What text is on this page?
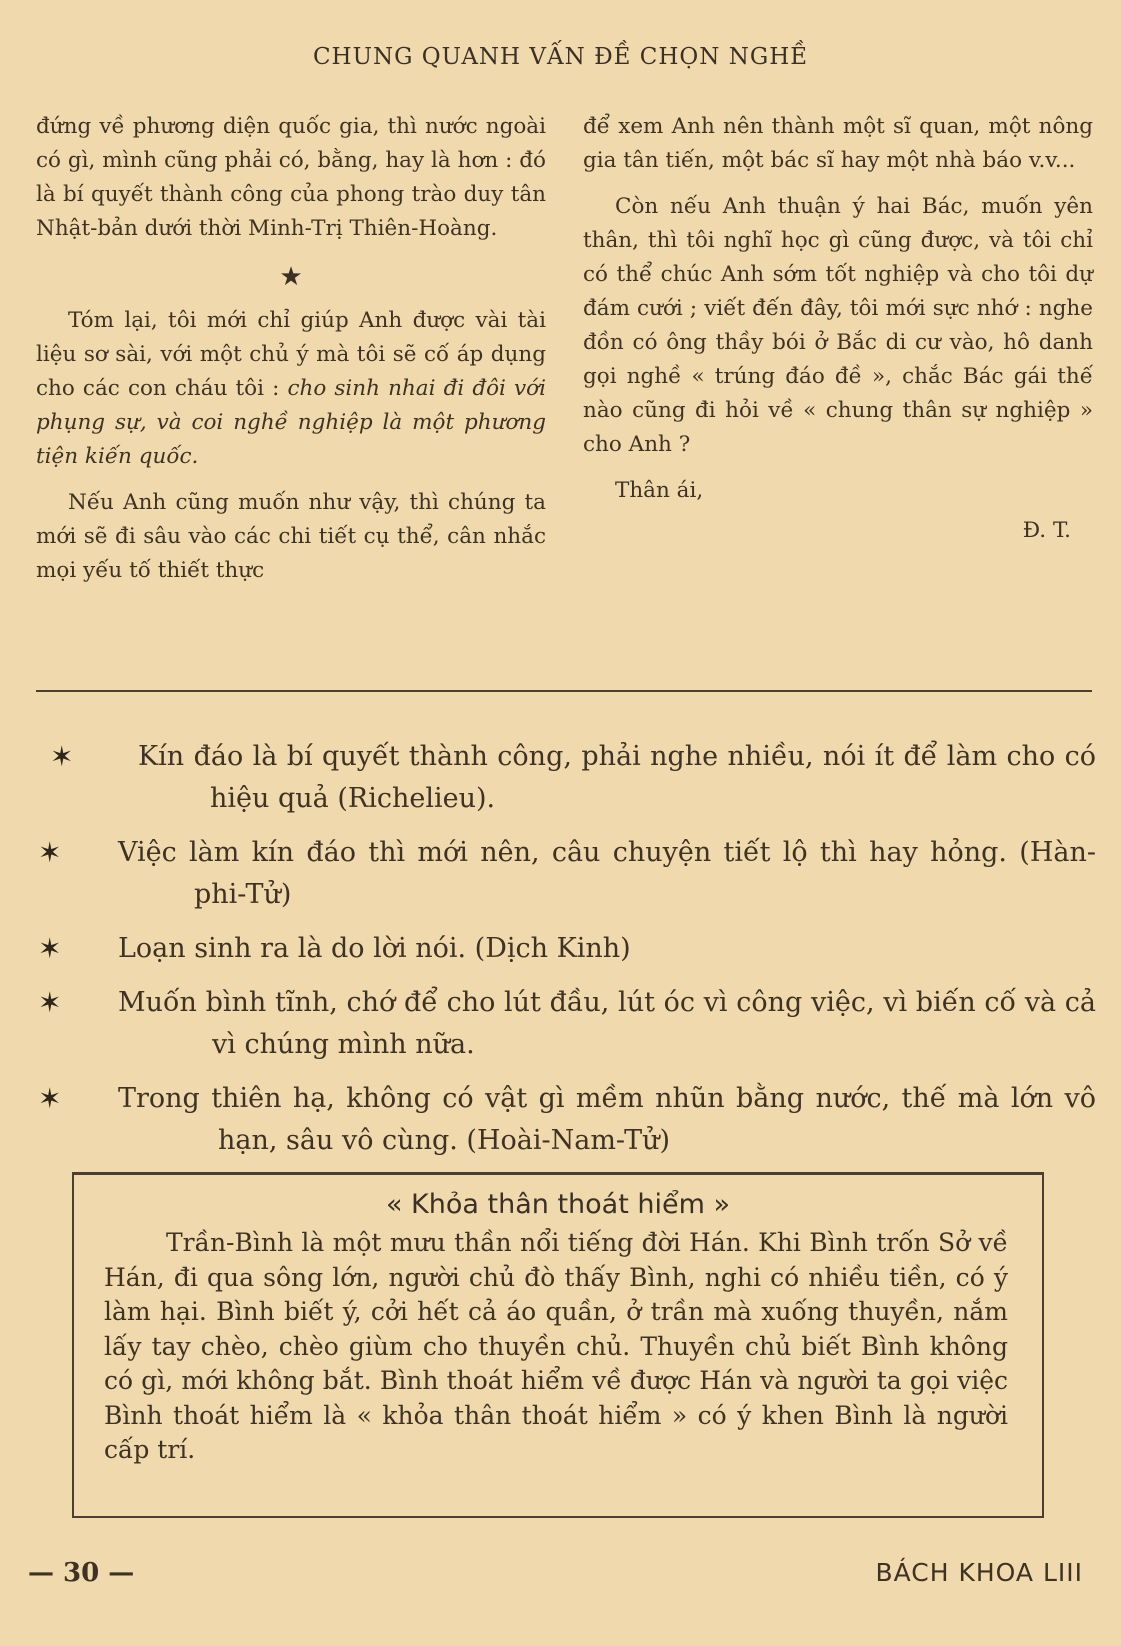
CHUNG QUANH VẤN ĐỀ CHỌN NGHỀ

đứng về phương diện quốc gia, thì nước ngoài có gì, mình cũng phải có, bằng, hay là hơn : đó là bí quyết thành công của phong trào duy tân Nhật-bản dưới thời Minh-Trị Thiên-Hoàng.

★

Tóm lại, tôi mới chỉ giúp Anh được vài tài liệu sơ sài, với một chủ ý mà tôi sẽ cố áp dụng cho các con cháu tôi : cho sinh nhai đi đôi với phụng sự, và coi nghề nghiệp là một phương tiện kiến quốc.

Nếu Anh cũng muốn như vậy, thì chúng ta mới sẽ đi sâu vào các chi tiết cụ thể, cân nhắc mọi yếu tố thiết thực

để xem Anh nên thành một sĩ quan, một nông gia tân tiến, một bác sĩ hay một nhà báo v.v...

Còn nếu Anh thuận ý hai Bác, muốn yên thân, thì tôi nghĩ học gì cũng được, và tôi chỉ có thể chúc Anh sớm tốt nghiệp và cho tôi dự đám cưới ; viết đến đây, tôi mới sực nhớ : nghe đồn có ông thầy bói ở Bắc di cư vào, hô danh gọi nghề « trúng đáo đề », chắc Bác gái thế nào cũng đi hỏi về « chung thân sự nghiệp » cho Anh ?

Thân ái,

Đ. T.

✶ Kín đáo là bí quyết thành công, phải nghe nhiều, nói ít để làm cho có hiệu quả (Richelieu).
✶ Việc làm kín đáo thì mới nên, câu chuyện tiết lộ thì hay hỏng. (Hàn-phi-Tử)
✶ Loạn sinh ra là do lời nói. (Dịch Kinh)
✶ Muốn bình tĩnh, chớ để cho lút đầu, lút óc vì công việc, vì biến cố và cả vì chúng mình nữa.
✶ Trong thiên hạ, không có vật gì mềm nhũn bằng nước, thế mà lớn vô hạn, sâu vô cùng. (Hoài-Nam-Tử)
« Khỏa thân thoát hiểm »
Trần-Bình là một mưu thần nổi tiếng đời Hán. Khi Bình trốn Sở về Hán, đi qua sông lớn, người chủ đò thấy Bình, nghi có nhiều tiền, có ý làm hại. Bình biết ý, cởi hết cả áo quần, ở trần mà xuống thuyền, nắm lấy tay chèo, chèo giùm cho thuyền chủ. Thuyền chủ biết Bình không có gì, mới không bắt. Bình thoát hiểm về được Hán và người ta gọi việc Bình thoát hiểm là « khỏa thân thoát hiểm » có ý khen Bình là người cấp trí.
— 30 —	BÁCH KHOA LIII
